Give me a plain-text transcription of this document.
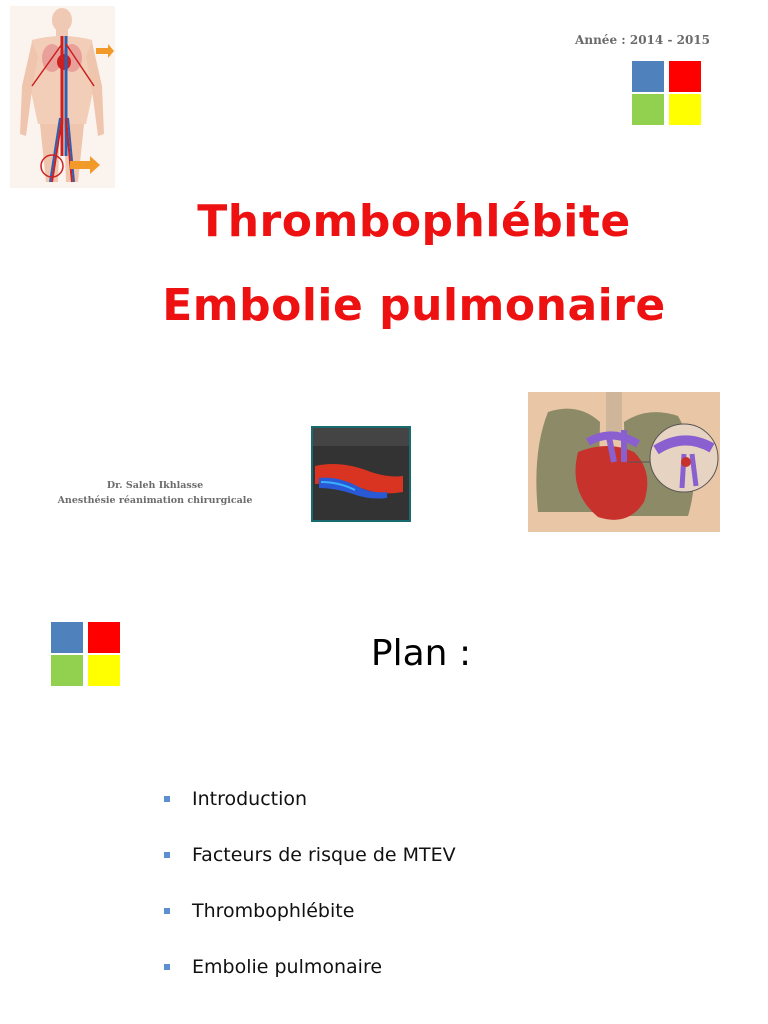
Année : 2014 - 2015
Thrombophlébite
Embolie pulmonaire
Dr. Saleh Ikhlasse
Anesthésie réanimation chirurgicale
Plan :
Introduction
Facteurs de risque de MTEV
Thrombophlébite
Embolie pulmonaire
